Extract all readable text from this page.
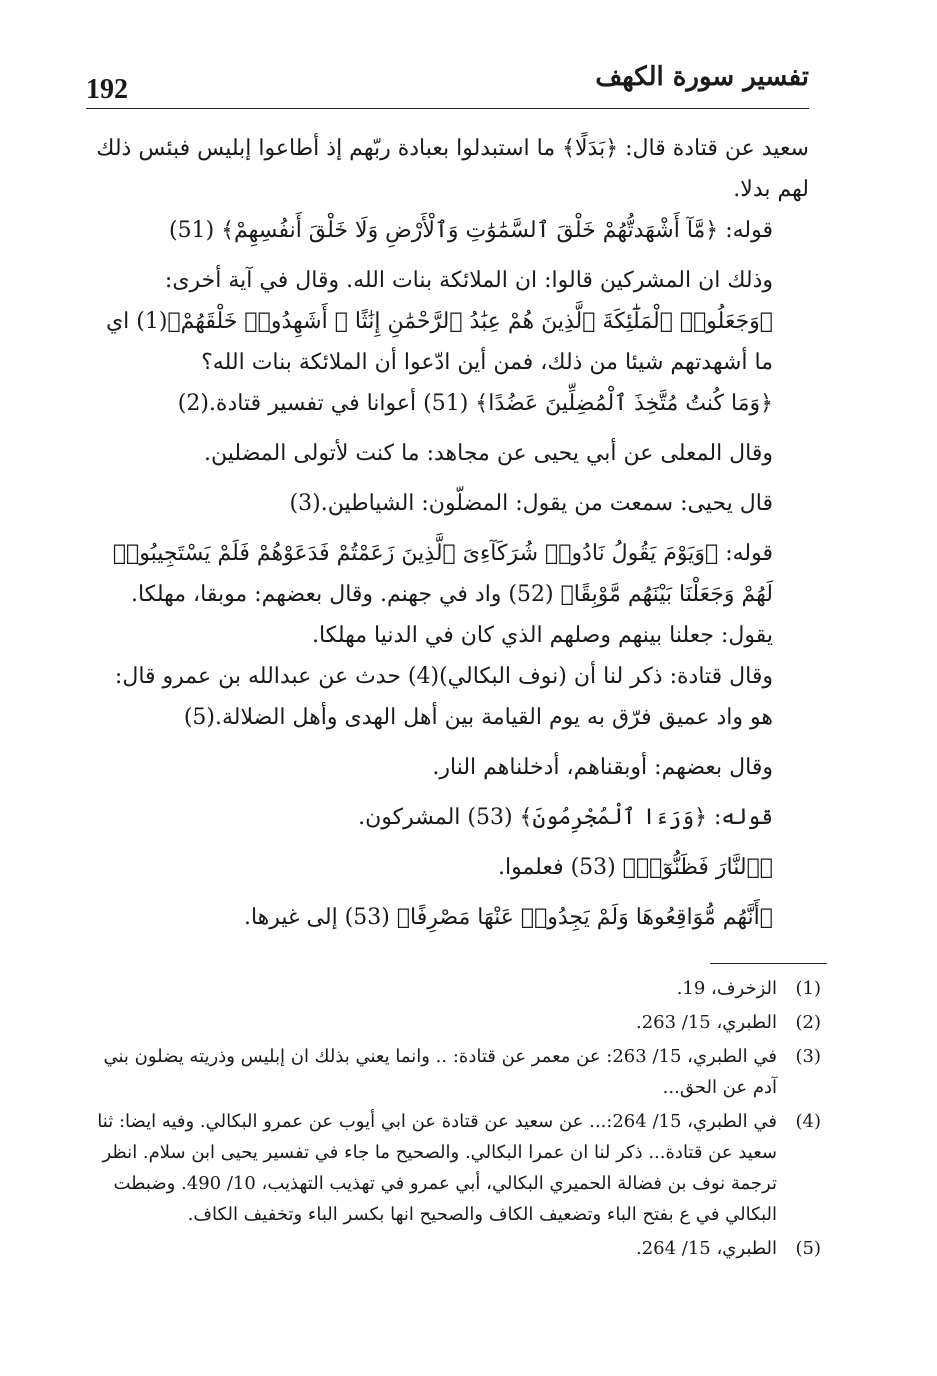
192	تفسير سورة الكهف

سعيد عن قتادة قال: ﴿بَدَلًا﴾ ما استبدلوا بعبادة ربّهم إذ أطاعوا إبليس فبئس ذلك لهم بدلا.

قوله: ﴿مَّآ أَشْهَدتُّهُمْ خَلْقَ ٱلسَّمَٰوَٰتِ وَٱلْأَرْضِ وَلَا خَلْقَ أَنفُسِهِمْ﴾ (51)

وذلك ان المشركين قالوا: ان الملائكة بنات الله. وقال في آية أخرى: ﴿وَجَعَلُوا۟ ٱلْمَلَٰٓئِكَةَ ٱلَّذِينَ هُمْ عِبَٰدُ ٱلرَّحْمَٰنِ إِنَٰثًا ۚ أَشَهِدُوا۟ خَلْقَهُمْ﴾(1) اي ما أشهدتهم شيئا من ذلك، فمن أين ادّعوا أن الملائكة بنات الله؟

﴿وَمَا كُنتُ مُتَّخِذَ ٱلْمُضِلِّينَ عَضُدًا﴾ (51) أعوانا في تفسير قتادة.(2)

وقال المعلى عن أبي يحيى عن مجاهد: ما كنت لأتولى المضلين.

قال يحيى: سمعت من يقول: المضلّون: الشياطين.(3)

قوله: ﴿وَيَوْمَ يَقُولُ نَادُوا۟ شُرَكَآءِىَ ٱلَّذِينَ زَعَمْتُمْ فَدَعَوْهُمْ فَلَمْ يَسْتَجِيبُوا۟ لَهُمْ وَجَعَلْنَا بَيْنَهُم مَّوْبِقًا﴾ (52) واد في جهنم. وقال بعضهم: موبقا، مهلكا.

يقول: جعلنا بينهم وصلهم الذي كان في الدنيا مهلكا.

وقال قتادة: ذكر لنا أن (نوف البكالي)(4) حدث عن عبدالله بن عمرو قال: هو واد عميق فرّق به يوم القيامة بين أهل الهدى وأهل الضلالة.(5)

وقال بعضهم: أوبقناهم، أدخلناهم النار.

قوله: ﴿وَرَءَا ٱلْمُجْرِمُونَ﴾ (53) المشركون.

﴿ٱلنَّارَ فَظَنُّوٓا۟﴾ (53) فعلموا.

﴿أَنَّهُم مُّوَاقِعُوهَا وَلَمْ يَجِدُوا۟ عَنْهَا مَصْرِفًا﴾ (53) إلى غيرها.

(1)
الزخرف، 19.
(2)
الطبري، 15/ 263.
(3)
في الطبري، 15/ 263: عن معمر عن قتادة: .. وانما يعني بذلك ان إبليس وذريته يضلون بني آدم عن الحق...
(4)
في الطبري، 15/ 264:... عن سعيد عن قتادة عن ابي أيوب عن عمرو البكالي. وفيه ايضا: ثنا سعيد عن قتادة... ذكر لنا ان عمرا البكالي. والصحيح ما جاء في تفسير يحيى ابن سلام. انظر ترجمة نوف بن فضالة الحميري البكالي، أبي عمرو في تهذيب التهذيب، 10/ 490. وضبطت البكالي في ع بفتح الباء وتضعيف الكاف والصحيح انها بكسر الباء وتخفيف الكاف.
(5)
الطبري، 15/ 264.
